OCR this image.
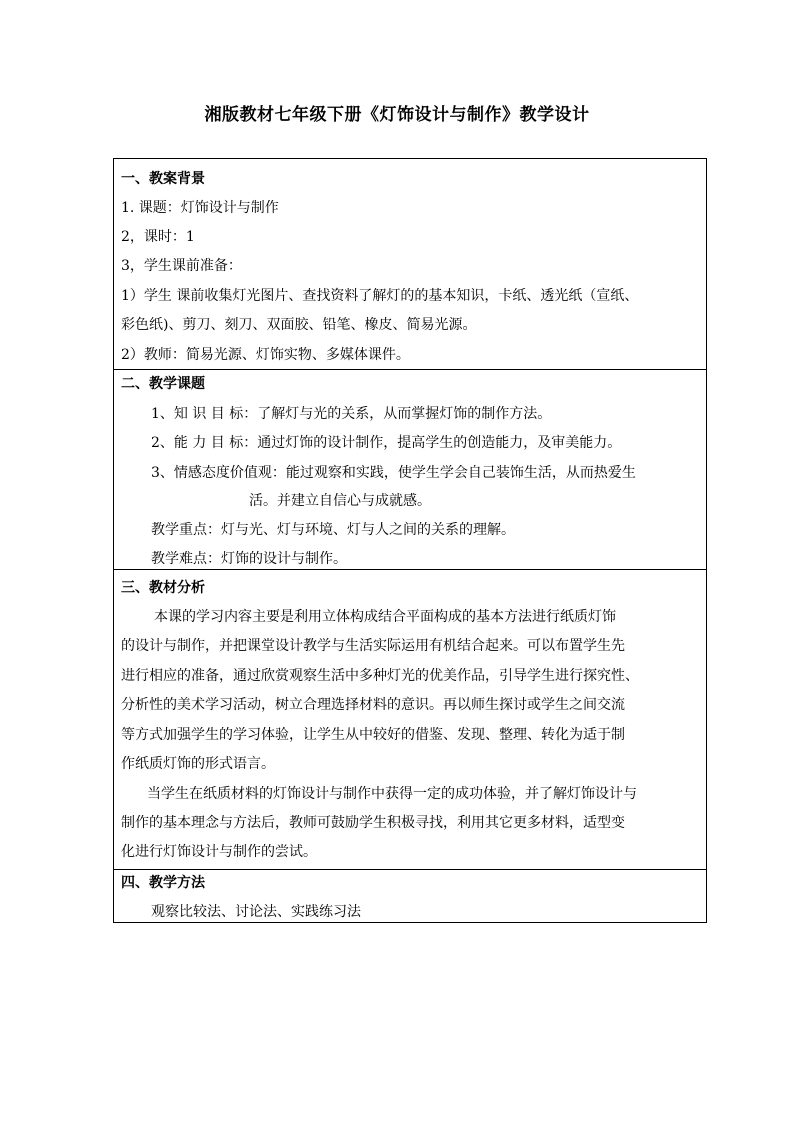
湘版教材七年级下册《灯饰设计与制作》教学设计
一、教案背景
1. 课题：灯饰设计与制作
2，课时：1
3，学生课前准备：
1）学生 课前收集灯光图片、查找资料了解灯的的基本知识，卡纸、透光纸（宣纸、
彩色纸)、剪刀、刻刀、双面胶、铅笔、橡皮、简易光源。
2）教师：简易光源、灯饰实物、多媒体课件。
二、教学课题
1、知 识 目 标：了解灯与光的关系，从而掌握灯饰的制作方法。
2、能 力 目 标：通过灯饰的设计制作，提高学生的创造能力，及审美能力。
3、情感态度价值观：能过观察和实践，使学生学会自己装饰生活，从而热爱生
活。并建立自信心与成就感。
教学重点：灯与光、灯与环境、灯与人之间的关系的理解。
教学难点：灯饰的设计与制作。
三、教材分析
本课的学习内容主要是利用立体构成结合平面构成的基本方法进行纸质灯饰
的设计与制作，并把课堂设计教学与生活实际运用有机结合起来。可以布置学生先
进行相应的准备，通过欣赏观察生活中多种灯光的优美作品，引导学生进行探究性、
分析性的美术学习活动，树立合理选择材料的意识。再以师生探讨或学生之间交流
等方式加强学生的学习体验，让学生从中较好的借鉴、发现、整理、转化为适于制
作纸质灯饰的形式语言。
当学生在纸质材料的灯饰设计与制作中获得一定的成功体验，并了解灯饰设计与
制作的基本理念与方法后，教师可鼓励学生积极寻找，利用其它更多材料，适型变
化进行灯饰设计与制作的尝试。
四、教学方法
观察比较法、讨论法、实践练习法
